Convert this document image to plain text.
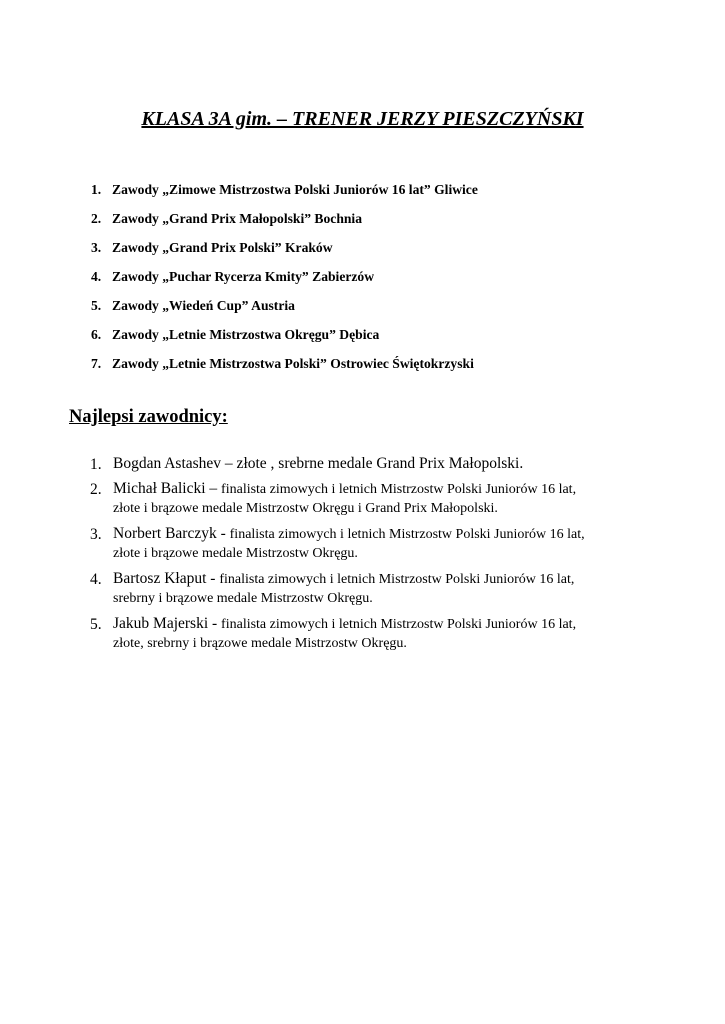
KLASA 3A gim. – TRENER JERZY PIESZCZYŃSKI
1. Zawody „Zimowe Mistrzostwa Polski Juniorów 16 lat” Gliwice
2. Zawody „Grand Prix Małopolski” Bochnia
3. Zawody „Grand Prix Polski” Kraków
4. Zawody „Puchar Rycerza Kmity” Zabierzów
5. Zawody „Wiedeń Cup” Austria
6. Zawody „Letnie Mistrzostwa Okręgu” Dębica
7. Zawody „Letnie Mistrzostwa Polski” Ostrowiec Świętokrzyski
Najlepsi zawodnicy:
1. Bogdan Astashev – złote , srebrne medale Grand Prix Małopolski.
2. Michał Balicki – finalista zimowych i letnich Mistrzostw Polski Juniorów 16 lat,
złote i brązowe medale Mistrzostw Okręgu i Grand Prix Małopolski.
3. Norbert Barczyk - finalista zimowych i letnich Mistrzostw Polski Juniorów 16 lat,
złote i brązowe medale Mistrzostw Okręgu.
4. Bartosz Kłaput - finalista zimowych i letnich Mistrzostw Polski Juniorów 16 lat,
srebrny i brązowe medale Mistrzostw Okręgu.
5. Jakub Majerski - finalista zimowych i letnich Mistrzostw Polski Juniorów 16 lat,
złote, srebrny i brązowe medale Mistrzostw Okręgu.
